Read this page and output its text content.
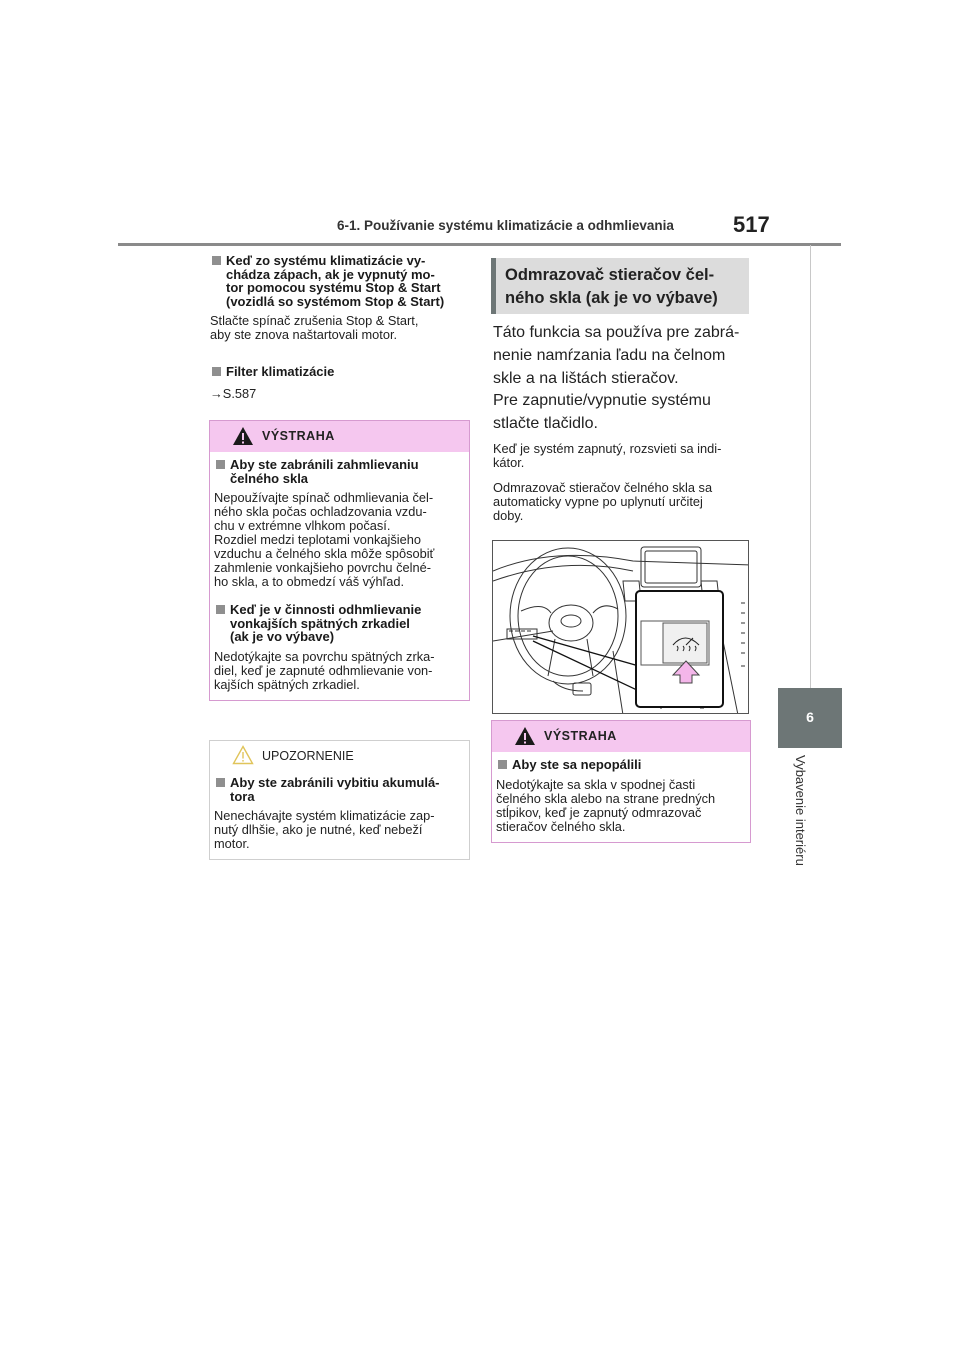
6-1. Používanie systému klimatizácie a odhmlievania	517
6
Vybavenie interiéru
Keď zo systému klimatizácie vy-
chádza zápach, ak je vypnutý mo-
tor pomocou systému Stop & Start
(vozidlá so systémom Stop & Start)
Stlačte spínač zrušenia Stop & Start,
aby ste znova naštartovali motor.
Filter klimatizácie
→S.587
VÝSTRAHA
Aby ste zabránili zahmlievaniu
čelného skla
Nepoužívajte spínač odhmlievania čel-
ného skla počas ochladzovania vzdu-
chu v extrémne vlhkom počasí.
Rozdiel medzi teplotami vonkajšieho
vzduchu a čelného skla môže spôsobiť
zahmlenie vonkajšieho povrchu čelné-
ho skla, a to obmedzí váš výhľad.
Keď je v činnosti odhmlievanie
vonkajších spätných zrkadiel
(ak je vo výbave)
Nedotýkajte sa povrchu spätných zrka-
diel, keď je zapnuté odhmlievanie von-
kajších spätných zrkadiel.
UPOZORNENIE
Aby ste zabránili vybitiu akumulá-
tora
Nenechávajte systém klimatizácie zap-
nutý dlhšie, ako je nutné, keď nebeží
motor.
Odmrazovač stieračov čel-
ného skla (ak je vo výbave)
Táto funkcia sa používa pre zabrá-
nenie namŕzania ľadu na čelnom
skle a na lištách stieračov.
Pre zapnutie/vypnutie systému
stlačte tlačidlo.
Keď je systém zapnutý, rozsvieti sa indi-
kátor.
Odmrazovač stieračov čelného skla sa
automaticky vypne po uplynutí určitej
doby.
VÝSTRAHA
Aby ste sa nepopálili
Nedotýkajte sa skla v spodnej časti
čelného skla alebo na strane predných
stĺpikov, keď je zapnutý odmrazovač
stieračov čelného skla.
